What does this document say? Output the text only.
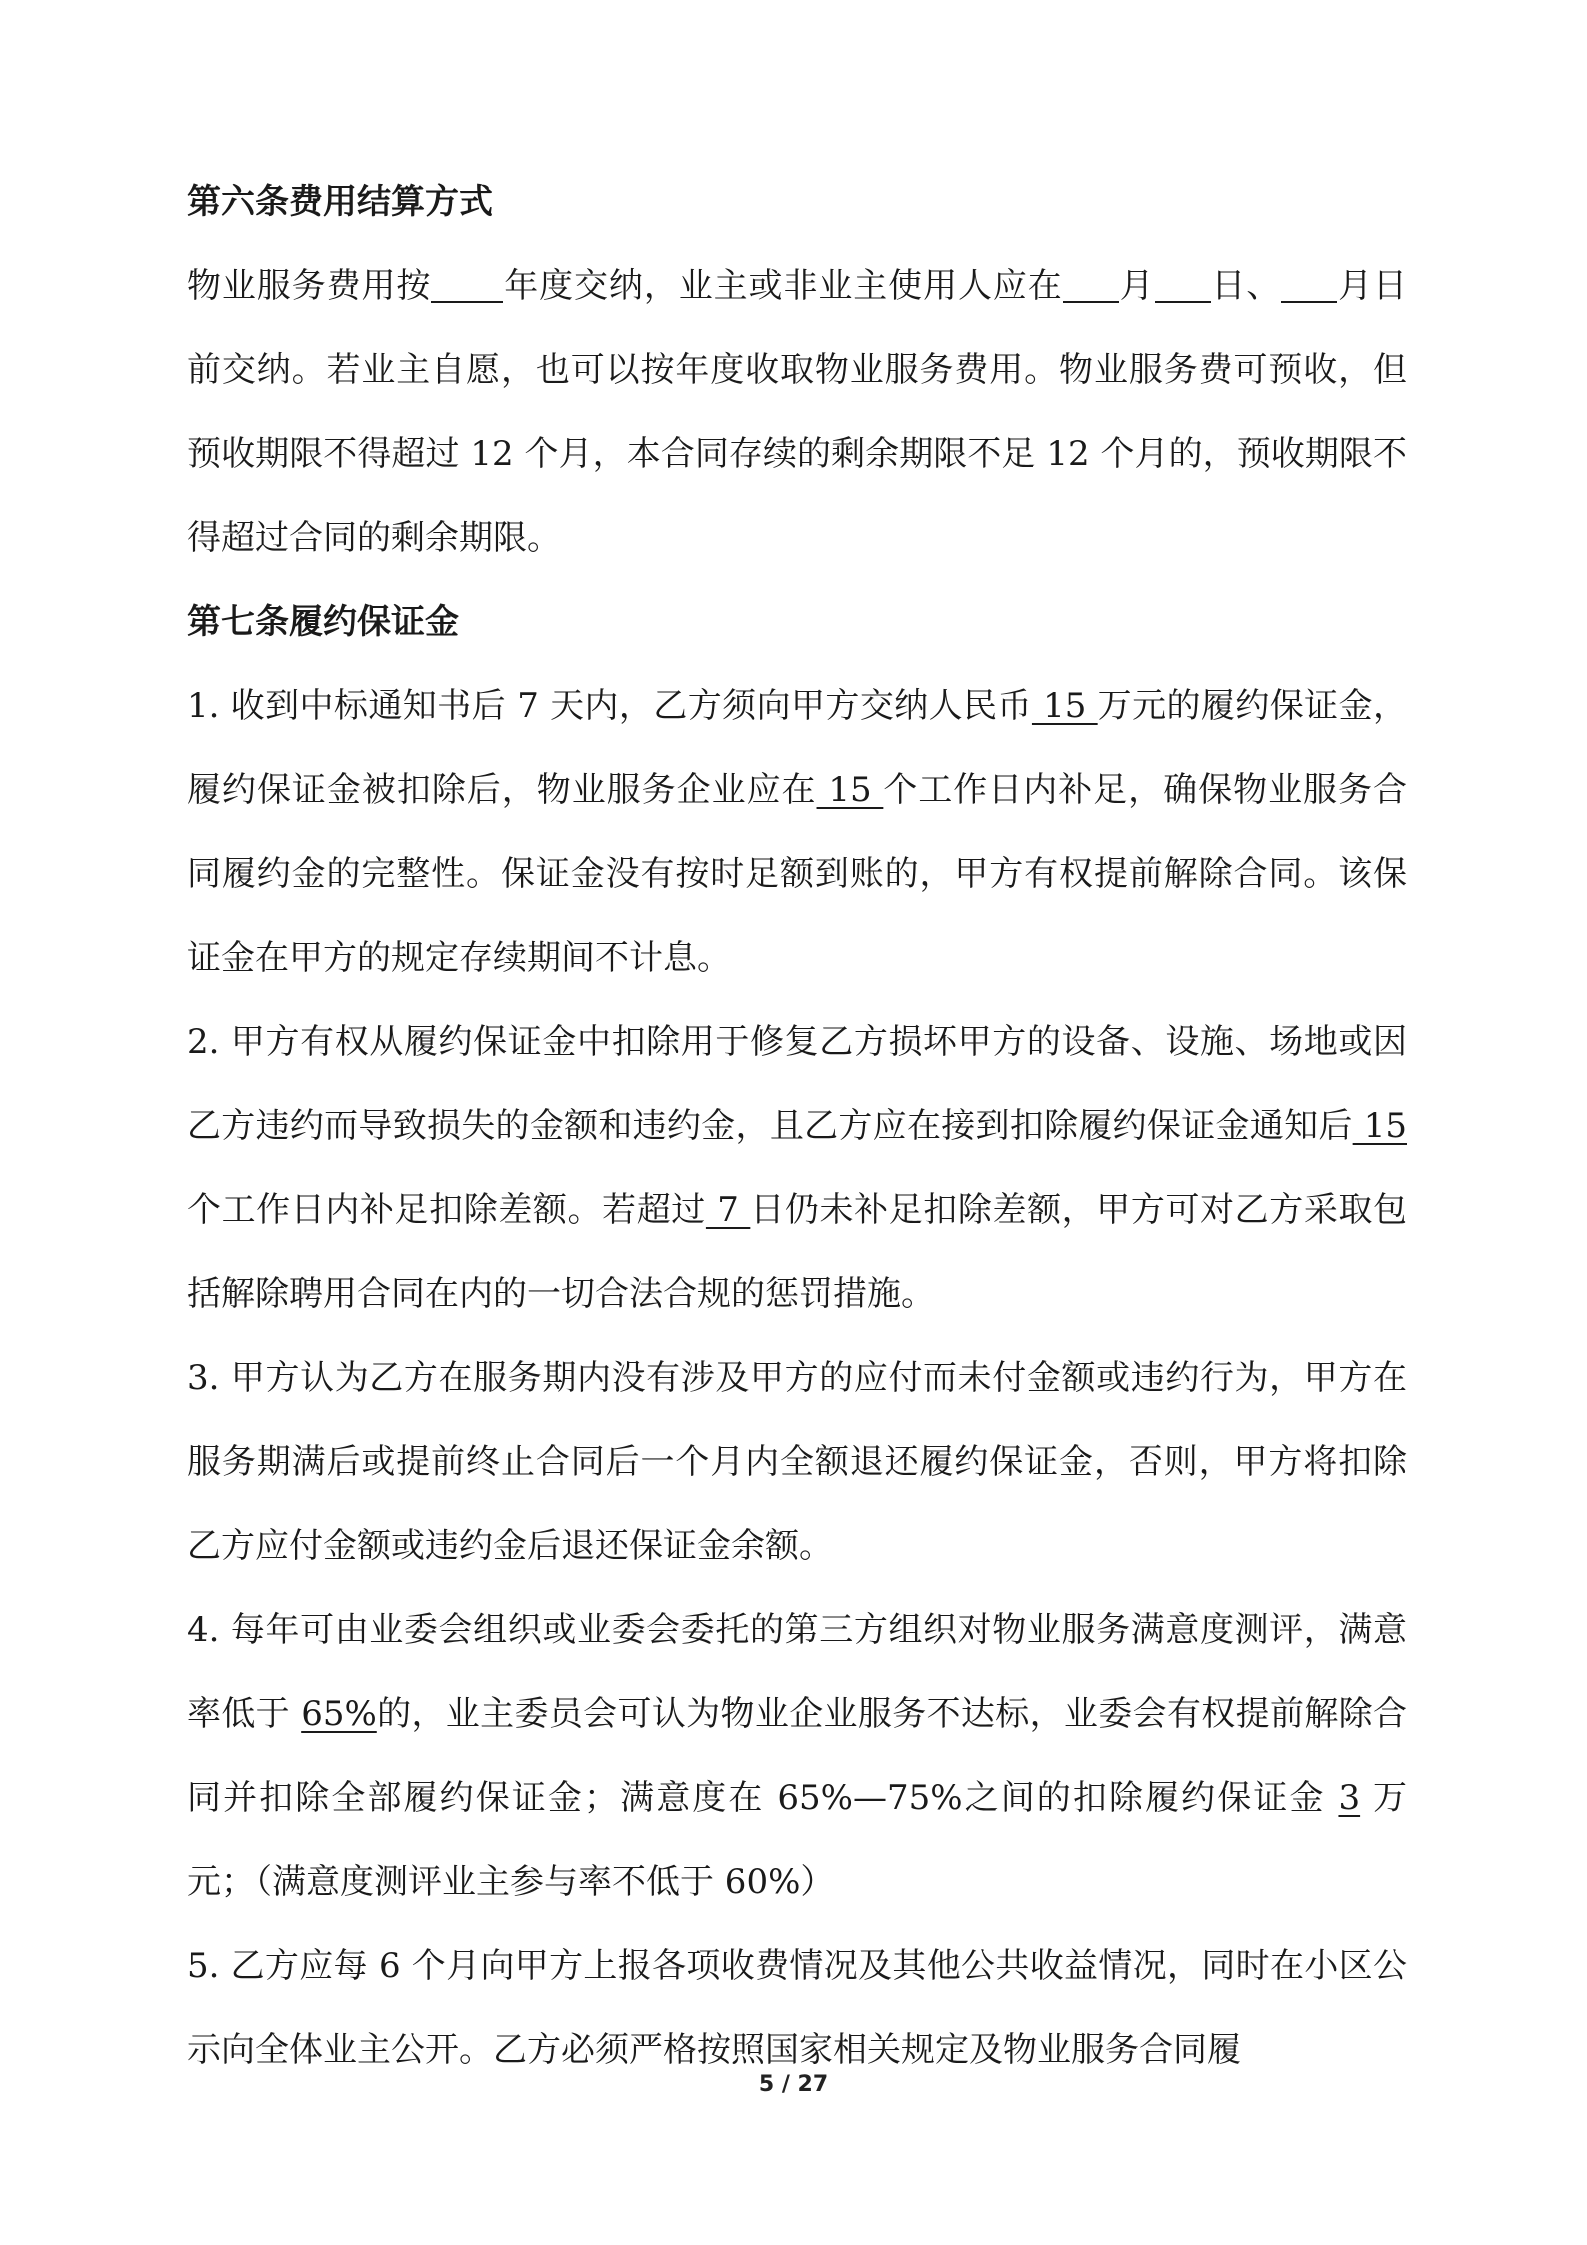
第六条费用结算方式

物业服务费用按 年度交纳，业主或非业主使用人应在 月 日、 月日前交纳。若业主自愿，也可以按年度收取物业服务费用。物业服务费可预收，但预收期限不得超过 12 个月，本合同存续的剩余期限不足 12 个月的，预收期限不得超过合同的剩余期限。

第七条履约保证金

1. 收到中标通知书后 7 天内，乙方须向甲方交纳人民币 15 万元的履约保证金，履约保证金被扣除后，物业服务企业应在 15 个工作日内补足，确保物业服务合同履约金的完整性。保证金没有按时足额到账的，甲方有权提前解除合同。该保证金在甲方的规定存续期间不计息。

2. 甲方有权从履约保证金中扣除用于修复乙方损坏甲方的设备、设施、场地或因乙方违约而导致损失的金额和违约金，且乙方应在接到扣除履约保证金通知后 15 个工作日内补足扣除差额。若超过 7 日仍未补足扣除差额，甲方可对乙方采取包括解除聘用合同在内的一切合法合规的惩罚措施。

3. 甲方认为乙方在服务期内没有涉及甲方的应付而未付金额或违约行为，甲方在服务期满后或提前终止合同后一个月内全额退还履约保证金，否则，甲方将扣除乙方应付金额或违约金后退还保证金余额。

4. 每年可由业委会组织或业委会委托的第三方组织对物业服务满意度测评，满意率低于 65%的，业主委员会可认为物业企业服务不达标，业委会有权提前解除合同并扣除全部履约保证金；满意度在 65%—75%之间的扣除履约保证金 3 万元；（满意度测评业主参与率不低于 60%）

5. 乙方应每 6 个月向甲方上报各项收费情况及其他公共收益情况，同时在小区公示向全体业主公开。乙方必须严格按照国家相关规定及物业服务合同履

5 / 27
